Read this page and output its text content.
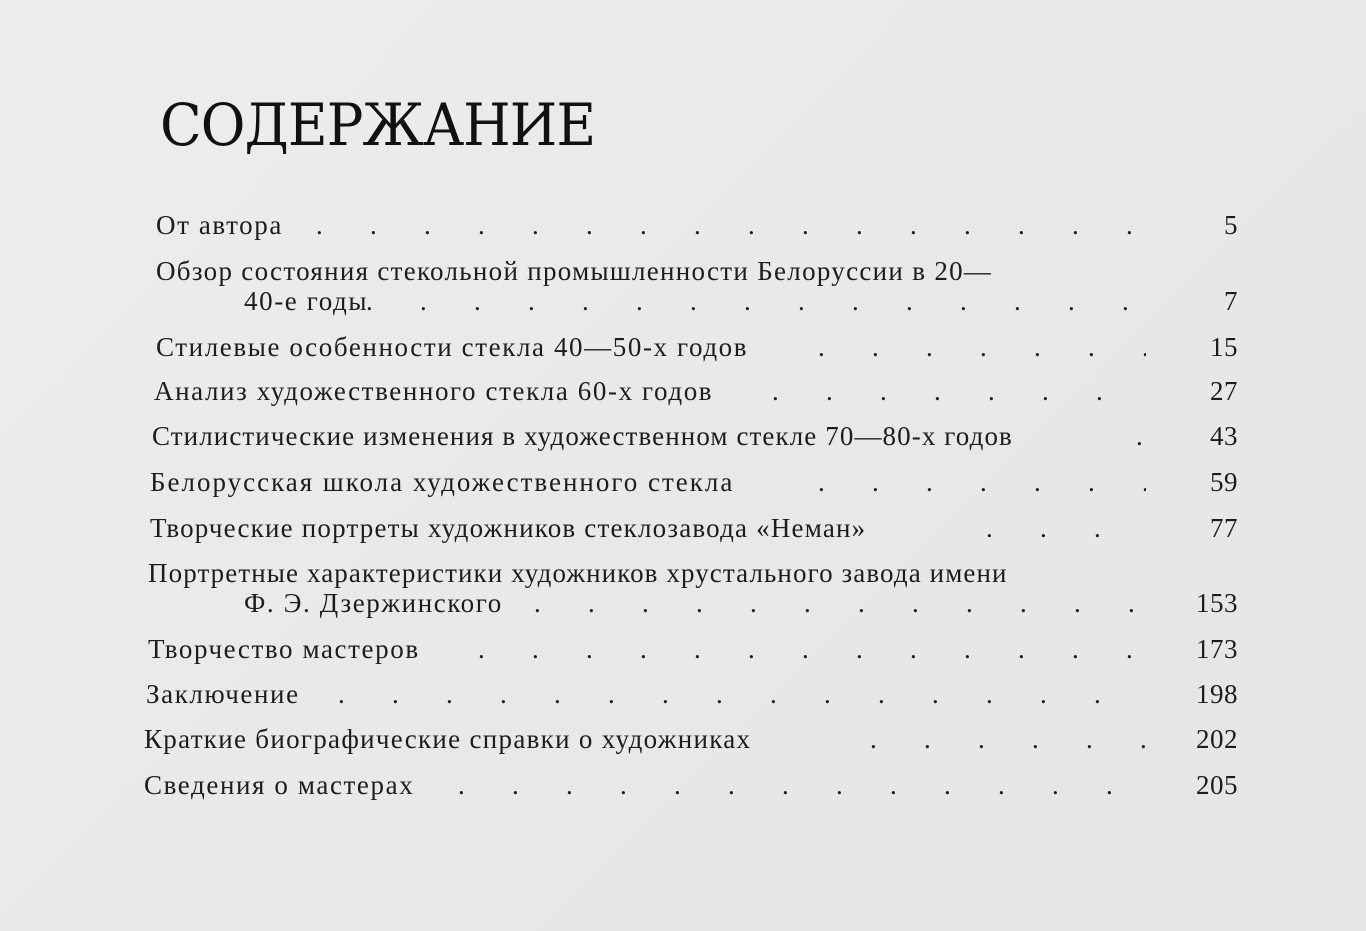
СОДЕРЖАНИЕ
От автора .	5
Обзор состояния стекольной промышленности Белоруссии в 20—
40-е годы .	7
Стилевые особенности стекла 40—50-х годов .	15
Анализ художественного стекла 60-х годов .	27
Стилистические изменения в художественном стекле 70—80-х годов .	43
Белорусская школа художественного стекла .	59
Творческие портреты художников стеклозавода «Неман» .	77
Портретные характеристики художников хрустального завода имени
Ф. Э. Дзержинского .	153
Творчество мастеров .	173
Заключение .	198
Краткие биографические справки о художниках .	202
Сведения о мастерах .	205
